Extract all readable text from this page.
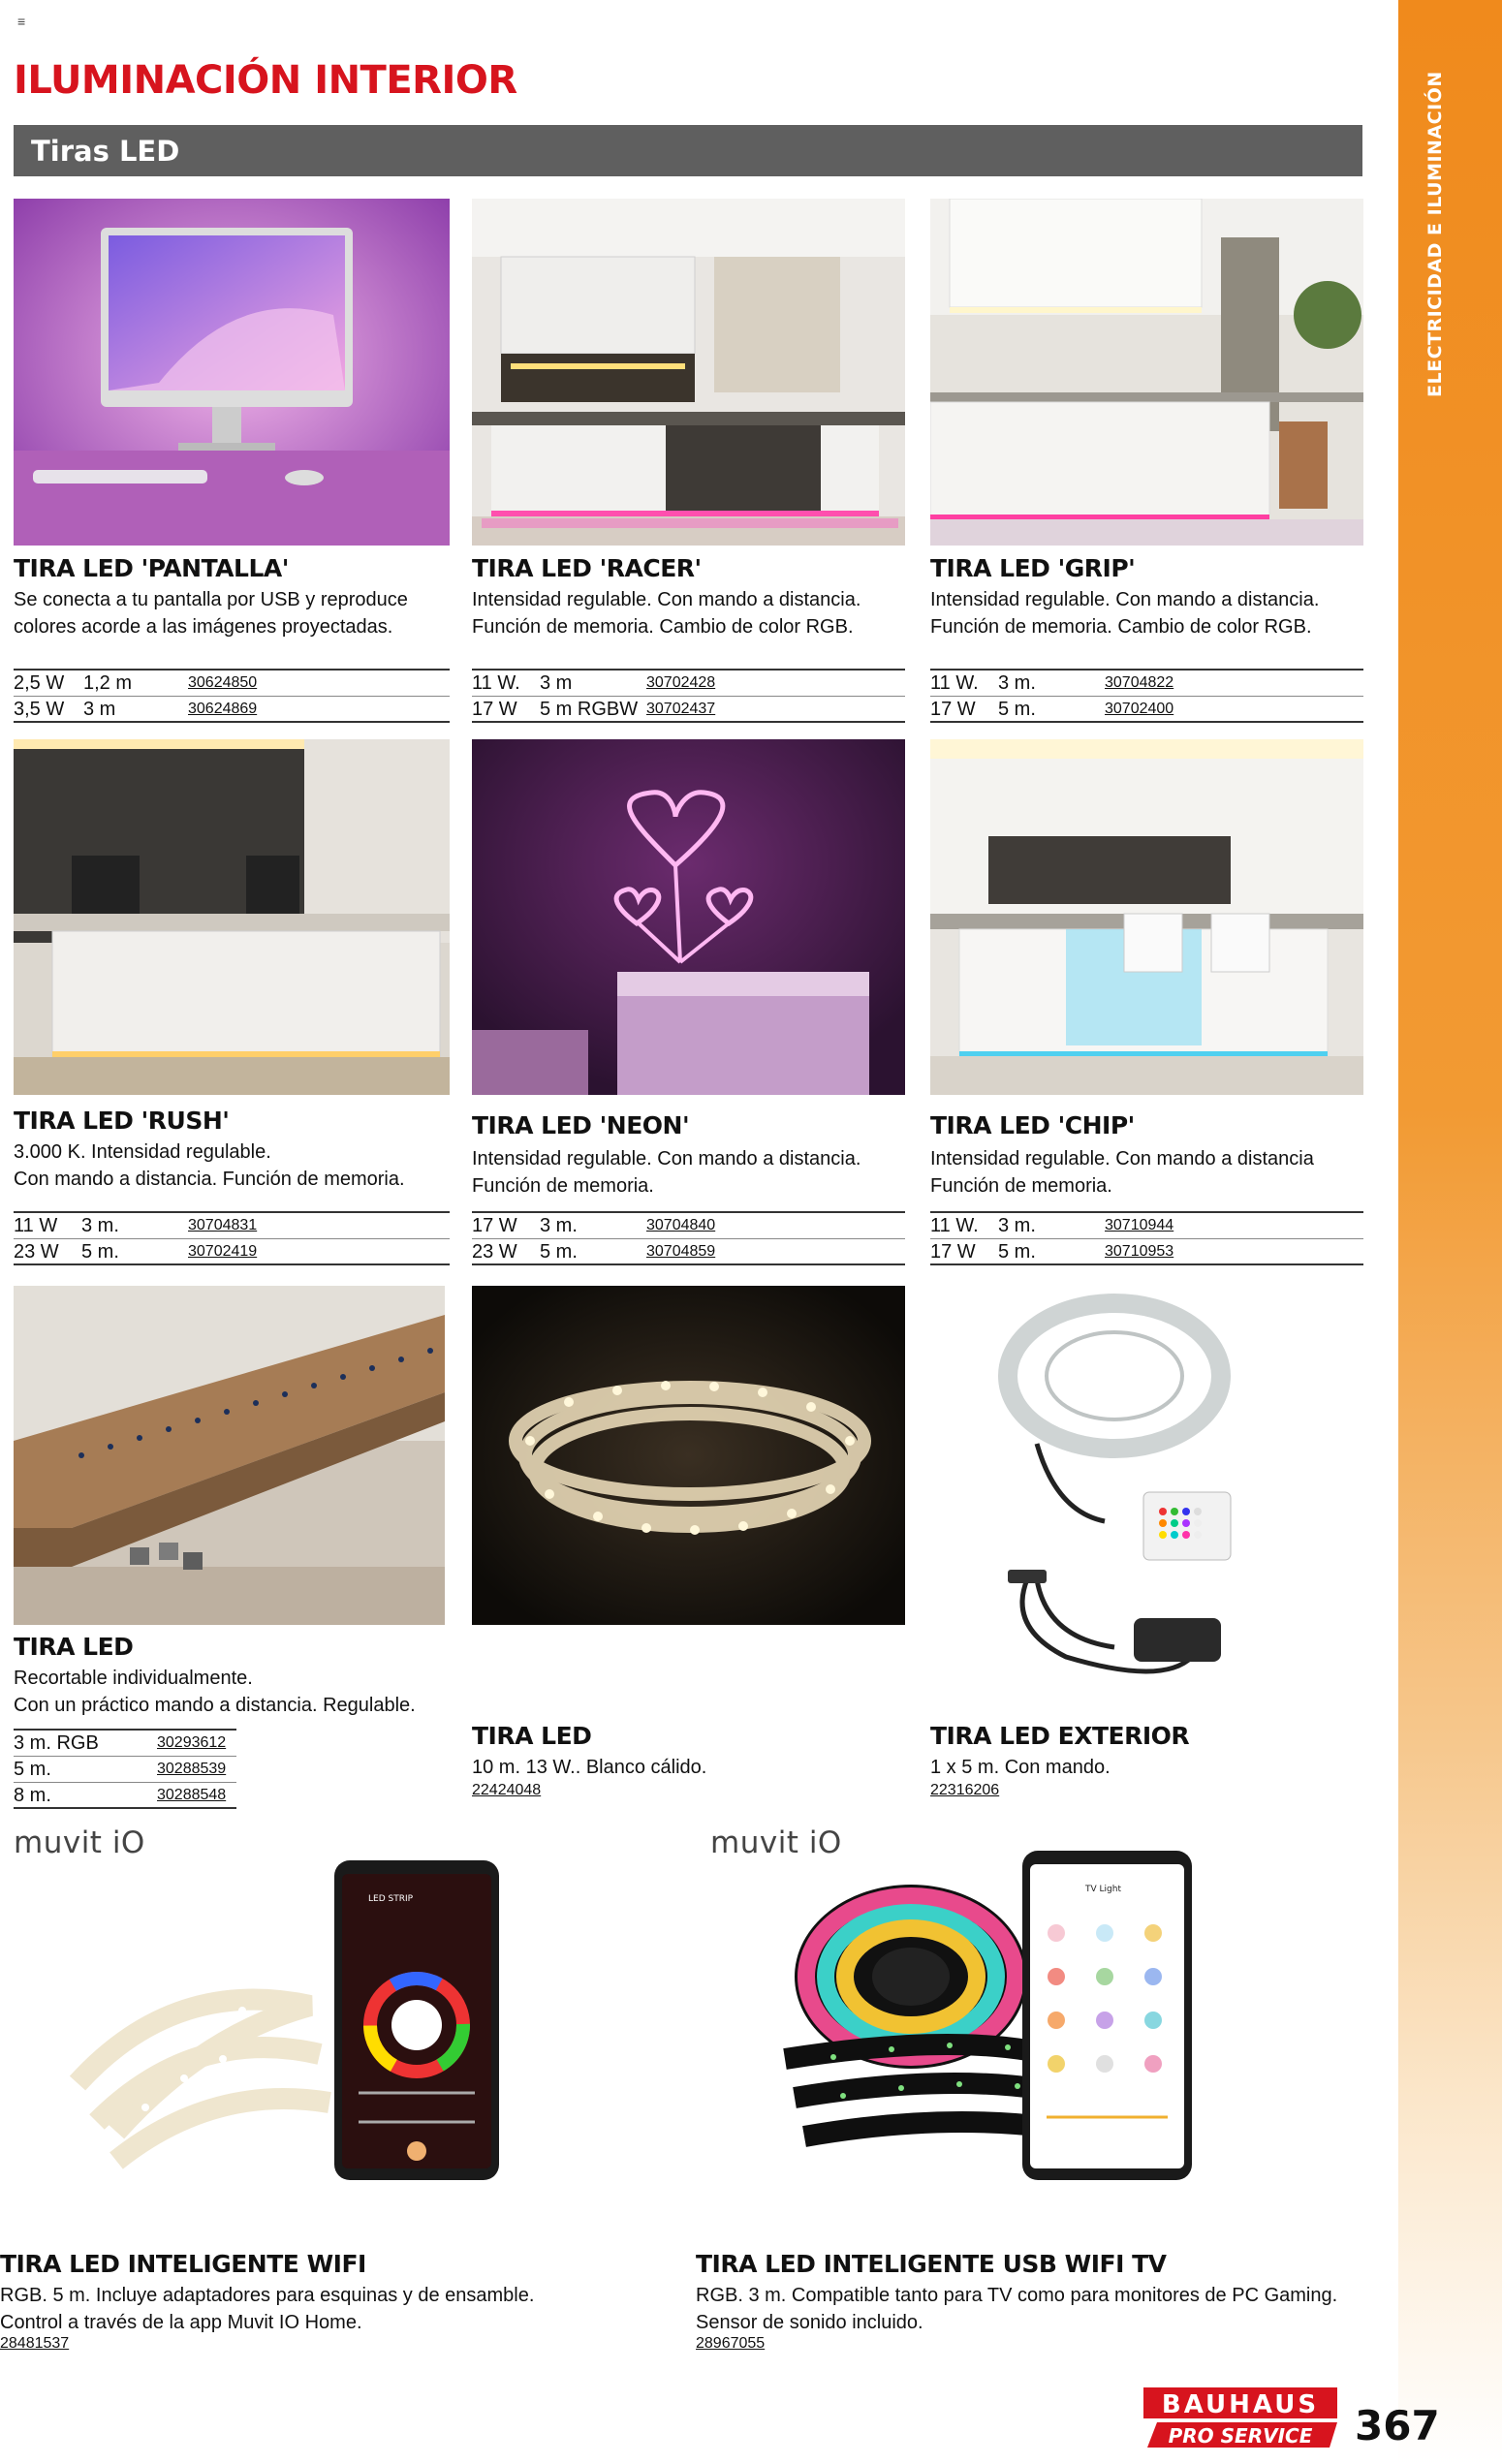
≡
ELECTRICIDAD E ILUMINACIÓN
ILUMINACIÓN INTERIOR
Tiras LED
TIRA LED 'PANTALLA'
Se conecta a tu pantalla por USB y reproduce
colores acorde a las imágenes proyectadas.
2,5 W 1,2 m	30624850
3,5 W 3 m	30624869
TIRA LED 'RACER'
Intensidad regulable. Con mando a distancia.
Función de memoria. Cambio de color RGB.
11 W. 3 m	30702428
17 W 5 m RGBW 30702437
TIRA LED 'GRIP'
Intensidad regulable. Con mando a distancia.
Función de memoria. Cambio de color RGB.
11 W. 3 m.	30704822
17 W 5 m.	30702400
TIRA LED 'RUSH'
3.000 K. Intensidad regulable.
Con mando a distancia. Función de memoria.
11 W 3 m.	30704831
23 W 5 m.	30702419
TIRA LED 'NEON'
Intensidad regulable. Con mando a distancia.
Función de memoria.
17 W 3 m.	30704840
23 W 5 m.	30704859
TIRA LED 'CHIP'
Intensidad regulable. Con mando a distancia
Función de memoria.
11 W. 3 m.	30710944
17 W 5 m.	30710953
TIRA LED
Recortable individualmente.
Con un práctico mando a distancia. Regulable.
3 m. RGB	30293612
5 m.	30288539
8 m.	30288548
TIRA LED
10 m. 13 W.. Blanco cálido.
22424048
TIRA LED EXTERIOR
1 x 5 m. Con mando.
22316206
muvit iO
LED STRIP
TIRA LED INTELIGENTE WIFI
RGB. 5 m. Incluye adaptadores para esquinas y de ensamble.
Control a través de la app Muvit IO Home.
28481537
muvit iO
TV Light
TIRA LED INTELIGENTE USB WIFI TV
RGB. 3 m. Compatible tanto para TV como para monitores de PC Gaming.
Sensor de sonido incluido.
28967055
BAUHAUS
PRO SERVICE 367
